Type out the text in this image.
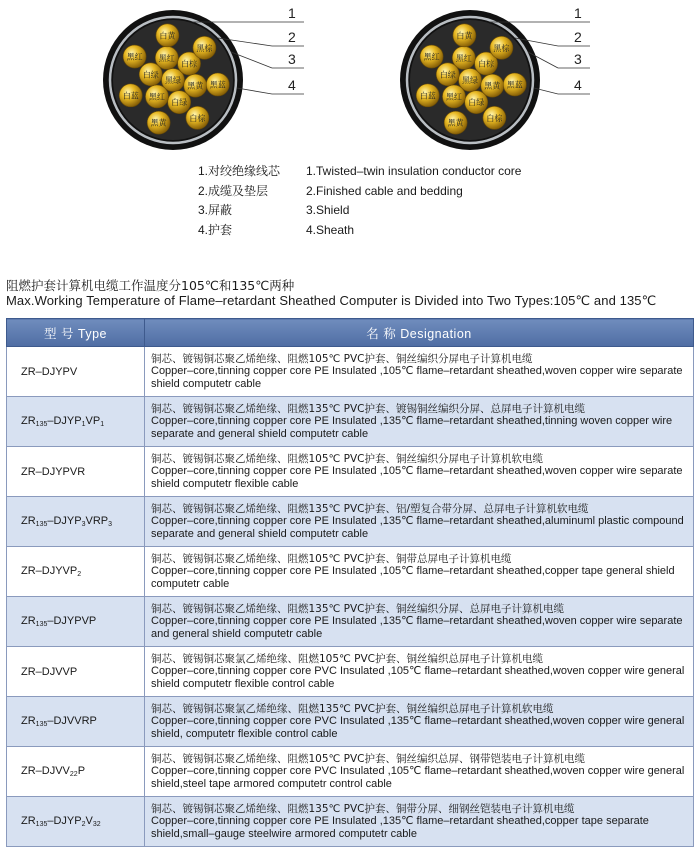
黑绿
黑黄
白绿
黑红
白绿
黑红
白棕
黑蓝
白棕
黑黄
白蓝
黑红
白黄
黑棕
1
2
3
4	黑绿
黑黄
白绿
黑红
白绿
黑红
白棕
黑蓝
白棕
黑黄
白蓝
黑红
白黄
黑棕
1
2
3
4
1.对绞绝缘线芯	1.Twisted–twin insulation conductor core
2.成缆及垫层	2.Finished cable and bedding
3.屏蔽	3.Shield
4.护套	4.Sheath
阻燃护套计算机电缆工作温度分105℃和135℃两种
Max.Working Temperature of Flame–retardant Sheathed Computer is Divided into Two Types:105℃ and 135℃
型 号 Type	名 称 Designation
ZR–DJYPV	铜芯、镀锡铜芯聚乙烯绝缘、阻燃105℃ PVC护套、铜丝编织分屏电子计算机电缆
Copper–core,tinning copper core PE Insulated ,105℃ flame–retardant sheathed,woven copper wire separate shield computetr cable

$ZR135-DJYP_1VP_1$	铜芯、镀锡铜芯聚乙烯绝缘、阻燃135℃ PVC护套、镀锡铜丝编织分屏、总屏电子计算机电缆
Copper–core,tinning copper core PE Insulated ,135℃ flame–retardant sheathed,tinning woven copper wire separate and general shield computetr cable

ZR–DJYPVR	铜芯、镀锡铜芯聚乙烯绝缘、阻燃105℃ PVC护套、铜丝编织分屏电子计算机软电缆
Copper–core,tinning copper core PE Insulated ,105℃ flame–retardant sheathed,woven copper wire separate shield computetr flexible cable

$ZR135-DJYP_3VRP_3$	铜芯、镀锡铜芯聚乙烯绝缘、阻燃135℃ PVC护套、铝/塑复合带分屏、总屏电子计算机软电缆
Copper–core,tinning copper core PE Insulated ,135℃ flame–retardant sheathed,aluminuml plastic compound separate and general shield computetr cable

$ZR-DJYVP_2$	铜芯、镀锡铜芯聚乙烯绝缘、阻燃105℃ PVC护套、铜带总屏电子计算机电缆
Copper–core,tinning copper core PE Insulated ,105℃ flame–retardant sheathed,copper tape general shield computetr cable

ZR135–DJYPVP	铜芯、镀锡铜芯聚乙烯绝缘、阻燃135℃ PVC护套、铜丝编织分屏、总屏电子计算机电缆
Copper–core,tinning copper core PE Insulated ,135℃ flame–retardant sheathed,woven copper wire separate and general shield computetr cable

ZR–DJVVP	铜芯、镀锡铜芯聚氯乙烯绝缘、阻燃105℃ PVC护套、铜丝编织总屏电子计算机电缆
Copper–core,tinning copper core PVC Insulated ,105℃ flame–retardant sheathed,woven copper wire general shield computetr flexible control cable

ZR135–DJVVRP	铜芯、镀锡铜芯聚氯乙烯绝缘、阻燃135℃ PVC护套、铜丝编织总屏电子计算机软电缆
Copper–core,tinning copper core PVC Insulated ,135℃ flame–retardant sheathed,woven copper wire general shield, computetr flexible control cable

$ZR-DJVV_{22}P$	铜芯、镀锡铜芯聚乙烯绝缘、阻燃105℃ PVC护套、铜丝编织总屏、钢带铠装电子计算机电缆
Copper–core,tinning copper core PVC Insulated ,105℃ flame–retardant sheathed,woven copper wire general shield,steel tape armored computetr control cable

$ZR135-DJYP_2V_{32}$	铜芯、镀锡铜芯聚乙烯绝缘、阻燃135℃ PVC护套、铜带分屏、细钢丝铠装电子计算机电缆
Copper–core,tinning copper core PE Insulated ,135℃ flame–retardant sheathed,copper tape separate shield,small–gauge steelwire armored computetr cable
